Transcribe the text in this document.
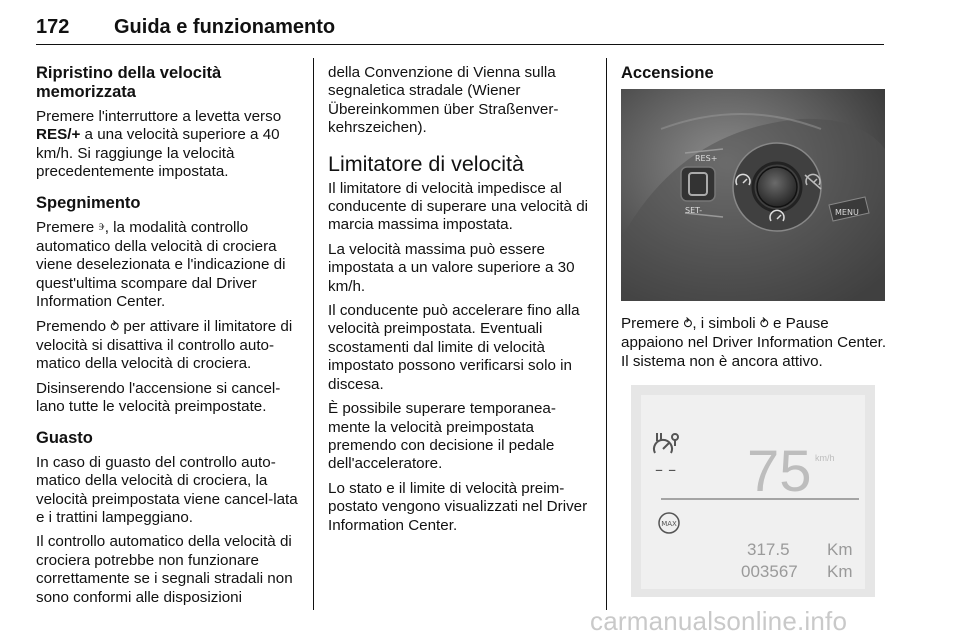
172 Guida e funzionamento
Ripristino della velocità memorizzata

Premere l'interruttore a levetta verso RES/+ a una velocità superiore a 40 km/h. Si raggiunge la velocità precedentemente impostata.

Spegnimento

Premere ⰵ, la modalità controllo automatico della velocità di crociera viene deselezionata e l'indicazione di quest'ultima scompare dal Driver Information Center.

Premendo ⥁ per attivare il limitatore di velocità si disattiva il controllo auto-matico della velocità di crociera.

Disinserendo l'accensione si cancel-lano tutte le velocità preimpostate.

Guasto

In caso di guasto del controllo auto-matico della velocità di crociera, la velocità preimpostata viene cancel-lata e i trattini lampeggiano.

Il controllo automatico della velocità di crociera potrebbe non funzionare correttamente se i segnali stradali non sono conformi alle disposizioni

della Convenzione di Vienna sulla segnaletica stradale (Wiener Übereinkommen über Straßenver-kehrszeichen).

Limitatore di velocità

Il limitatore di velocità impedisce al conducente di superare una velocità di marcia massima impostata.

La velocità massima può essere impostata a un valore superiore a 30 km/h.

Il conducente può accelerare fino alla velocità preimpostata. Eventuali scostamenti dal limite di velocità impostato possono verificarsi solo in discesa.

È possibile superare temporanea-mente la velocità preimpostata premendo con decisione il pedale dell'acceleratore.

Lo stato e il limite di velocità preim-postato vengono visualizzati nel Driver Information Center.

Accensione
RES+
SET-	MENU

Premere ⥁, i simboli ⥁ e Pause appaiono nel Driver Information Center. Il sistema non è ancora attivo.

– – 75 km/h
MAX
317.5 Km
003567 Km
carmanualsonline.info
